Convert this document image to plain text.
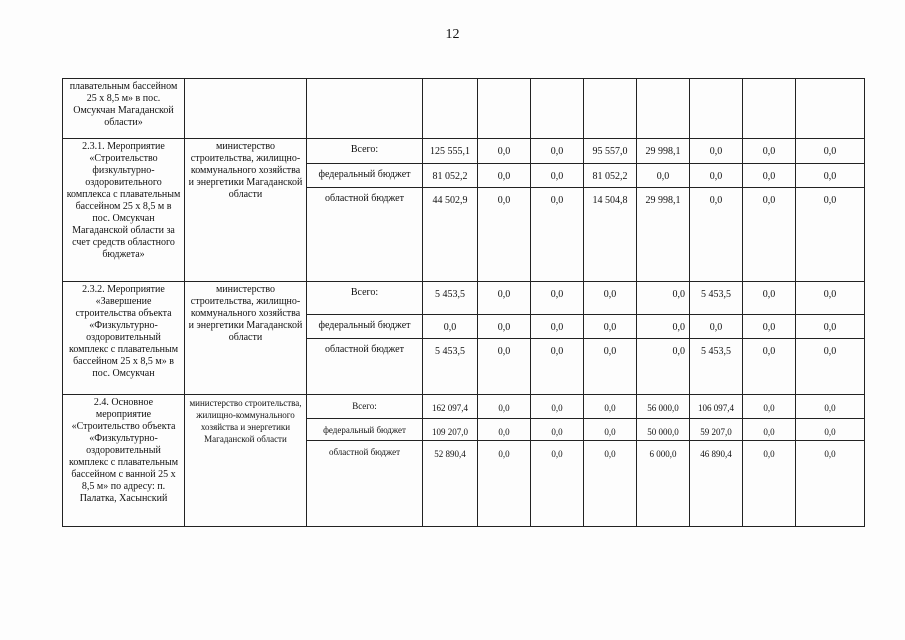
12
плавательным бассейном 25 х 8,5 м» в пос. Омсукчан Магаданской области»										
2.3.1. Мероприятие «Строительство физкультурно-оздоровительного комплекса с плавательным бассейном 25 х 8,5 м в пос. Омсукчан Магаданской области за счет средств областного бюджета»	министерство строительства, жилищно-коммунального хозяйства и энергетики Магаданской области	Всего:	125 555,1	0,0	0,0	95 557,0	29 998,1	0,0	0,0	0,0
		федеральный бюджет	81 052,2	0,0	0,0	81 052,2	0,0	0,0	0,0	0,0
		областной бюджет	44 502,9	0,0	0,0	14 504,8	29 998,1	0,0	0,0	0,0
2.3.2. Мероприятие «Завершение строительства объекта «Физкультурно-оздоровительный комплекс с плавательным бассейном 25 х 8,5 м» в пос. Омсукчан	министерство строительства, жилищно-коммунального хозяйства и энергетики Магаданской области	Всего:	5 453,5	0,0	0,0	0,0	0,0	5 453,5	0,0	0,0
		федеральный бюджет	0,0	0,0	0,0	0,0	0,0	0,0	0,0	0,0
		областной бюджет	5 453,5	0,0	0,0	0,0	0,0	5 453,5	0,0	0,0
2.4. Основное мероприятие «Строительство объекта «Физкультурно-оздоровительный комплекс с плавательным бассейном с ванной 25 х 8,5 м» по адресу: п. Палатка, Хасынский	министерство строительства, жилищно-коммунального хозяйства и энергетики Магаданской области	Всего:	162 097,4	0,0	0,0	0,0	56 000,0	106 097,4	0,0	0,0
		федеральный бюджет	109 207,0	0,0	0,0	0,0	50 000,0	59 207,0	0,0	0,0
		областной бюджет	52 890,4	0,0	0,0	0,0	6 000,0	46 890,4	0,0	0,0
